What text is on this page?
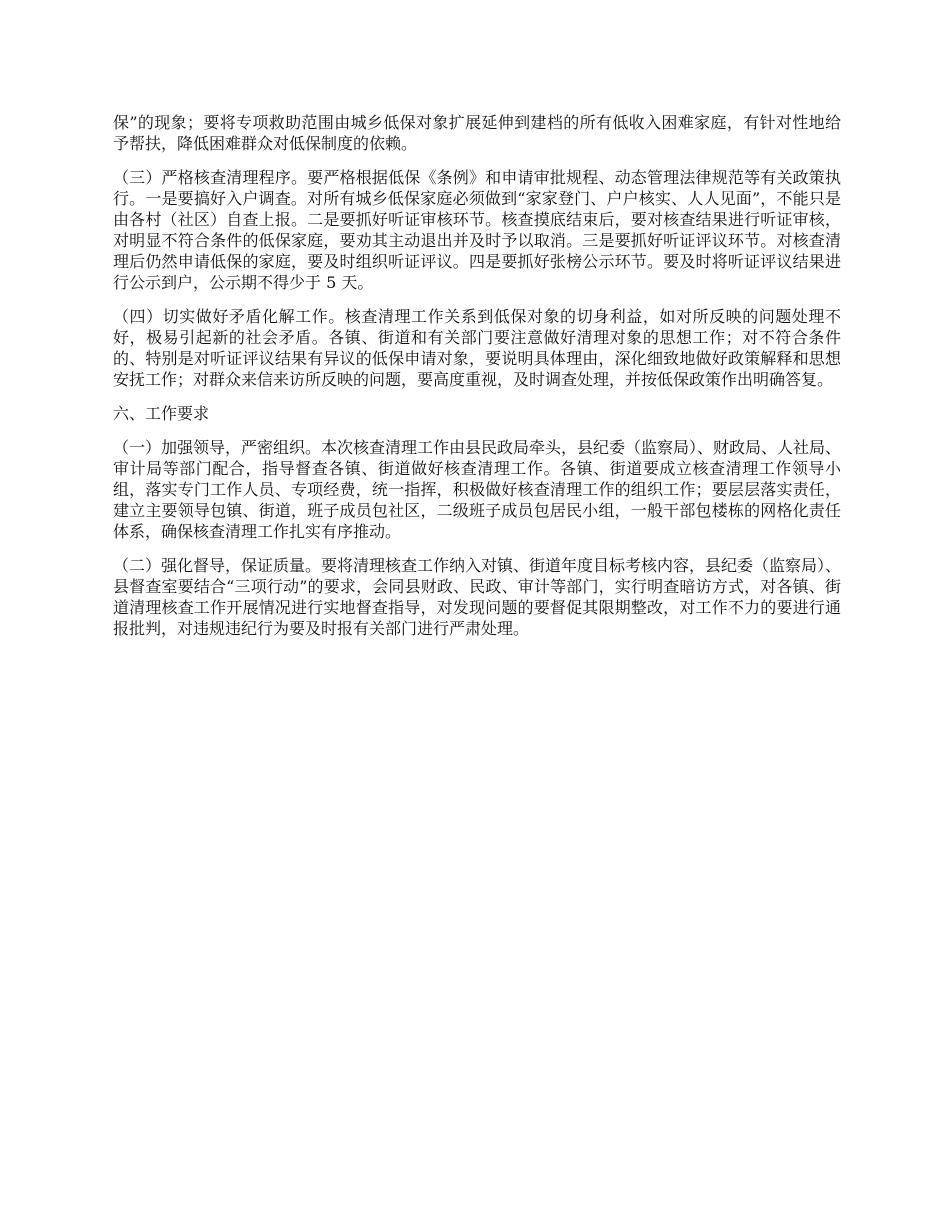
保”的现象；要将专项救助范围由城乡低保对象扩展延伸到建档的所有低收入困难家庭，有针对性地给予帮扶，降低困难群众对低保制度的依赖。

（三）严格核查清理程序。要严格根据低保《条例》和申请审批规程、动态管理法律规范等有关政策执行。一是要搞好入户调查。对所有城乡低保家庭必须做到“家家登门、户户核实、人人见面”，不能只是由各村（社区）自查上报。二是要抓好听证审核环节。核查摸底结束后，要对核查结果进行听证审核，对明显不符合条件的低保家庭，要劝其主动退出并及时予以取消。三是要抓好听证评议环节。对核查清理后仍然申请低保的家庭，要及时组织听证评议。四是要抓好张榜公示环节。要及时将听证评议结果进行公示到户，公示期不得少于 5 天。

（四）切实做好矛盾化解工作。核查清理工作关系到低保对象的切身利益，如对所反映的问题处理不好，极易引起新的社会矛盾。各镇、街道和有关部门要注意做好清理对象的思想工作；对不符合条件的、特别是对听证评议结果有异议的低保申请对象，要说明具体理由，深化细致地做好政策解释和思想安抚工作；对群众来信来访所反映的问题，要高度重视，及时调查处理，并按低保政策作出明确答复。

六、工作要求

（一）加强领导，严密组织。本次核查清理工作由县民政局牵头，县纪委（监察局）、财政局、人社局、审计局等部门配合，指导督查各镇、街道做好核查清理工作。各镇、街道要成立核查清理工作领导小组，落实专门工作人员、专项经费，统一指挥，积极做好核查清理工作的组织工作；要层层落实责任，建立主要领导包镇、街道，班子成员包社区，二级班子成员包居民小组，一般干部包楼栋的网格化责任体系，确保核查清理工作扎实有序推动。

（二）强化督导，保证质量。要将清理核查工作纳入对镇、街道年度目标考核内容，县纪委（监察局）、县督查室要结合“三项行动”的要求，会同县财政、民政、审计等部门，实行明查暗访方式，对各镇、街道清理核查工作开展情况进行实地督查指导，对发现问题的要督促其限期整改，对工作不力的要进行通报批判，对违规违纪行为要及时报有关部门进行严肃处理。
